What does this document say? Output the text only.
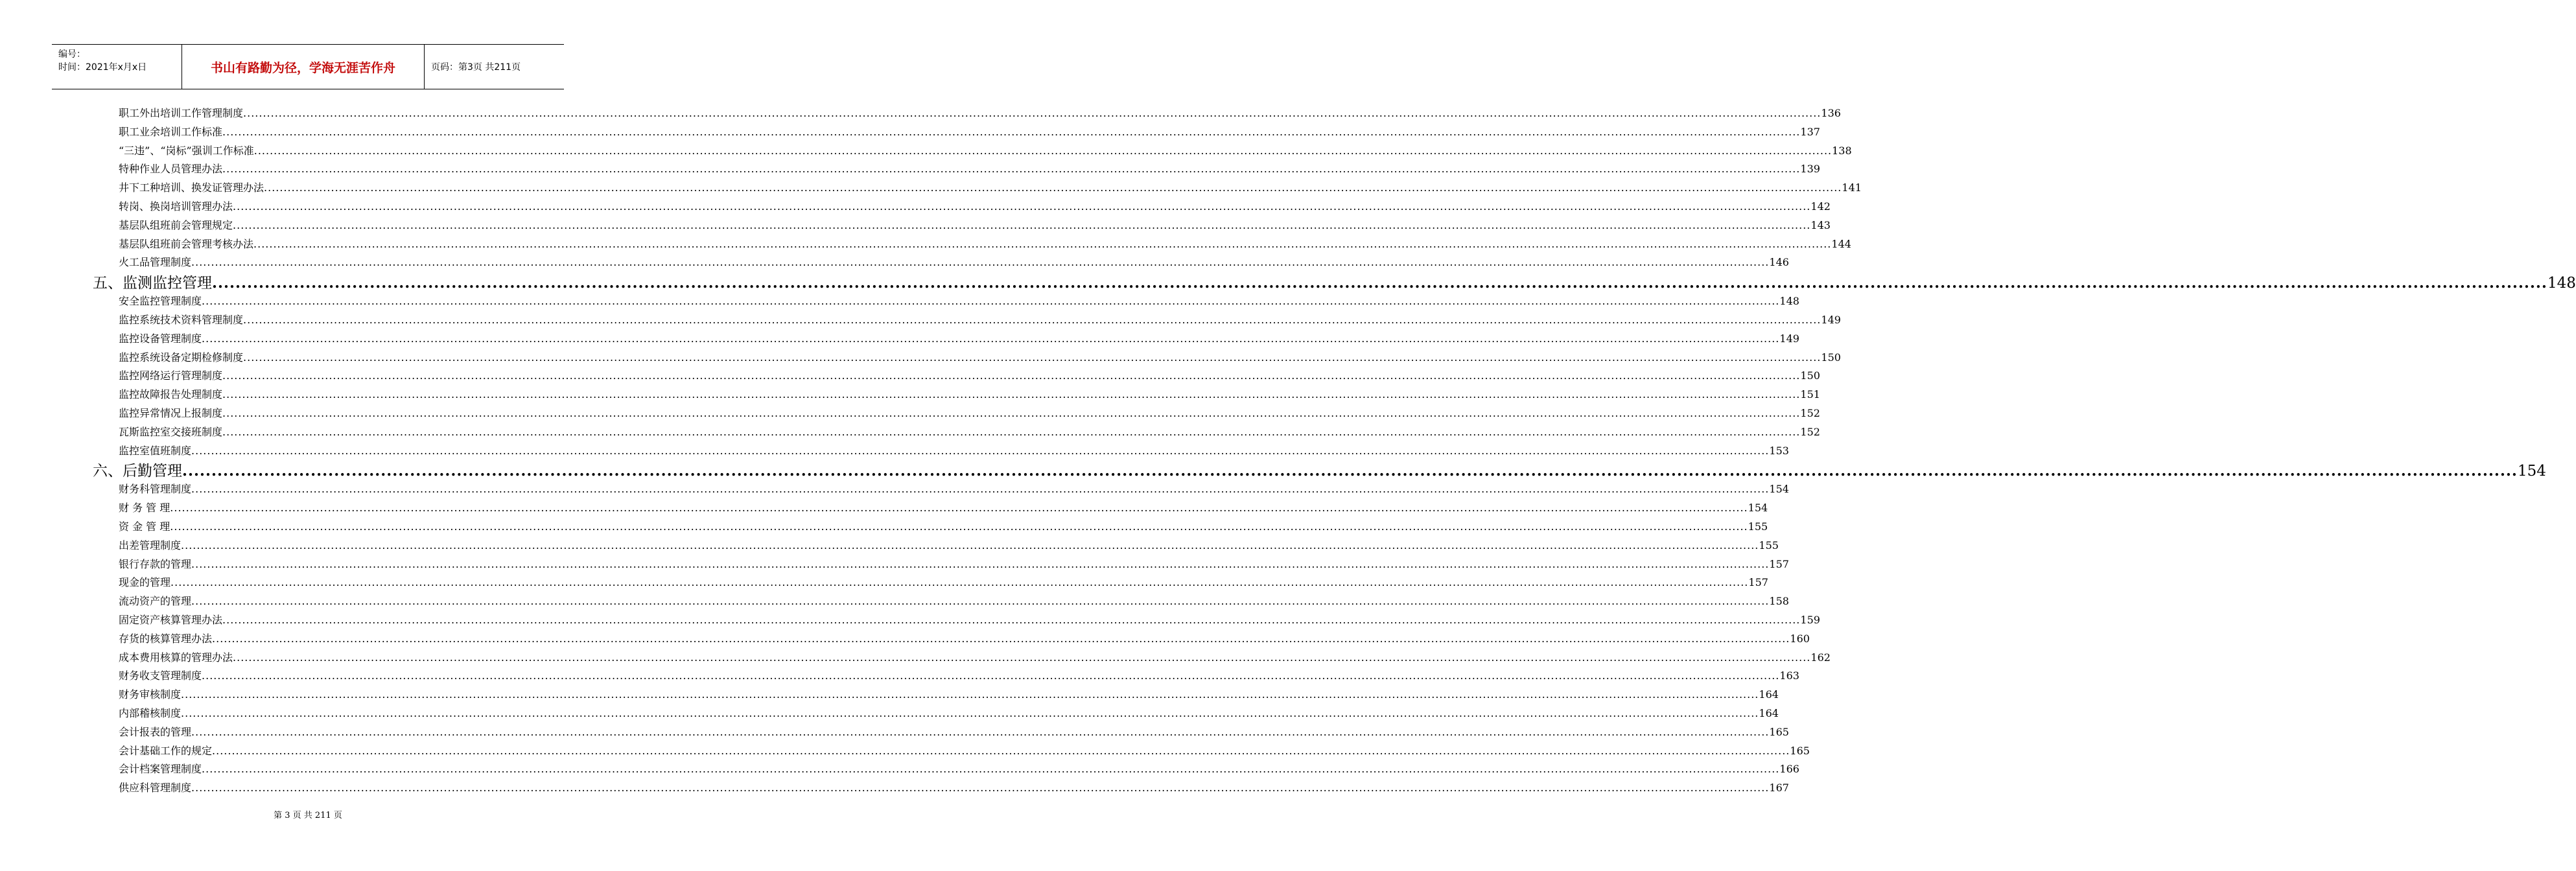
编号：
时间：2021年x月x日	书山有路勤为径，学海无涯苦作舟	页码：第3页 共211页
职工外出培训工作管理制度 ................................................................................................................................................................................................................................................................................................................................................................................................................ 136
职工业余培训工作标准 ................................................................................................................................................................................................................................................................................................................................................................................................................ 137
“三违”、“岗标”强训工作标准 ................................................................................................................................................................................................................................................................................................................................................................................................................ 138
特种作业人员管理办法 ................................................................................................................................................................................................................................................................................................................................................................................................................ 139
井下工种培训、换发证管理办法 ................................................................................................................................................................................................................................................................................................................................................................................................................ 141
转岗、换岗培训管理办法 ................................................................................................................................................................................................................................................................................................................................................................................................................ 142
基层队组班前会管理规定 ................................................................................................................................................................................................................................................................................................................................................................................................................ 143
基层队组班前会管理考核办法 ................................................................................................................................................................................................................................................................................................................................................................................................................ 144
火工品管理制度 ................................................................................................................................................................................................................................................................................................................................................................................................................ 146
五、监测监控管理 ................................................................................................................................................................................................................................................................................................................................................................................................................ 148
安全监控管理制度 ................................................................................................................................................................................................................................................................................................................................................................................................................ 148
监控系统技术资料管理制度 ................................................................................................................................................................................................................................................................................................................................................................................................................ 149
监控设备管理制度 ................................................................................................................................................................................................................................................................................................................................................................................................................ 149
监控系统设备定期检修制度 ................................................................................................................................................................................................................................................................................................................................................................................................................ 150
监控网络运行管理制度 ................................................................................................................................................................................................................................................................................................................................................................................................................ 150
监控故障报告处理制度 ................................................................................................................................................................................................................................................................................................................................................................................................................ 151
监控异常情况上报制度 ................................................................................................................................................................................................................................................................................................................................................................................................................ 152
瓦斯监控室交接班制度 ................................................................................................................................................................................................................................................................................................................................................................................................................ 152
监控室值班制度 ................................................................................................................................................................................................................................................................................................................................................................................................................ 153
六、后勤管理 ................................................................................................................................................................................................................................................................................................................................................................................................................ 154
财务科管理制度 ................................................................................................................................................................................................................................................................................................................................................................................................................ 154
财 务 管 理 ................................................................................................................................................................................................................................................................................................................................................................................................................ 154
资 金 管 理 ................................................................................................................................................................................................................................................................................................................................................................................................................ 155
出差管理制度 ................................................................................................................................................................................................................................................................................................................................................................................................................ 155
银行存款的管理 ................................................................................................................................................................................................................................................................................................................................................................................................................ 157
现金的管理 ................................................................................................................................................................................................................................................................................................................................................................................................................ 157
流动资产的管理 ................................................................................................................................................................................................................................................................................................................................................................................................................ 158
固定资产核算管理办法 ................................................................................................................................................................................................................................................................................................................................................................................................................ 159
存货的核算管理办法 ................................................................................................................................................................................................................................................................................................................................................................................................................ 160
成本费用核算的管理办法 ................................................................................................................................................................................................................................................................................................................................................................................................................ 162
财务收支管理制度 ................................................................................................................................................................................................................................................................................................................................................................................................................ 163
财务审核制度 ................................................................................................................................................................................................................................................................................................................................................................................................................ 164
内部稽核制度 ................................................................................................................................................................................................................................................................................................................................................................................................................ 164
会计报表的管理 ................................................................................................................................................................................................................................................................................................................................................................................................................ 165
会计基础工作的规定 ................................................................................................................................................................................................................................................................................................................................................................................................................ 165
会计档案管理制度 ................................................................................................................................................................................................................................................................................................................................................................................................................ 166
供应科管理制度 ................................................................................................................................................................................................................................................................................................................................................................................................................ 167
第 3 页 共 211 页
